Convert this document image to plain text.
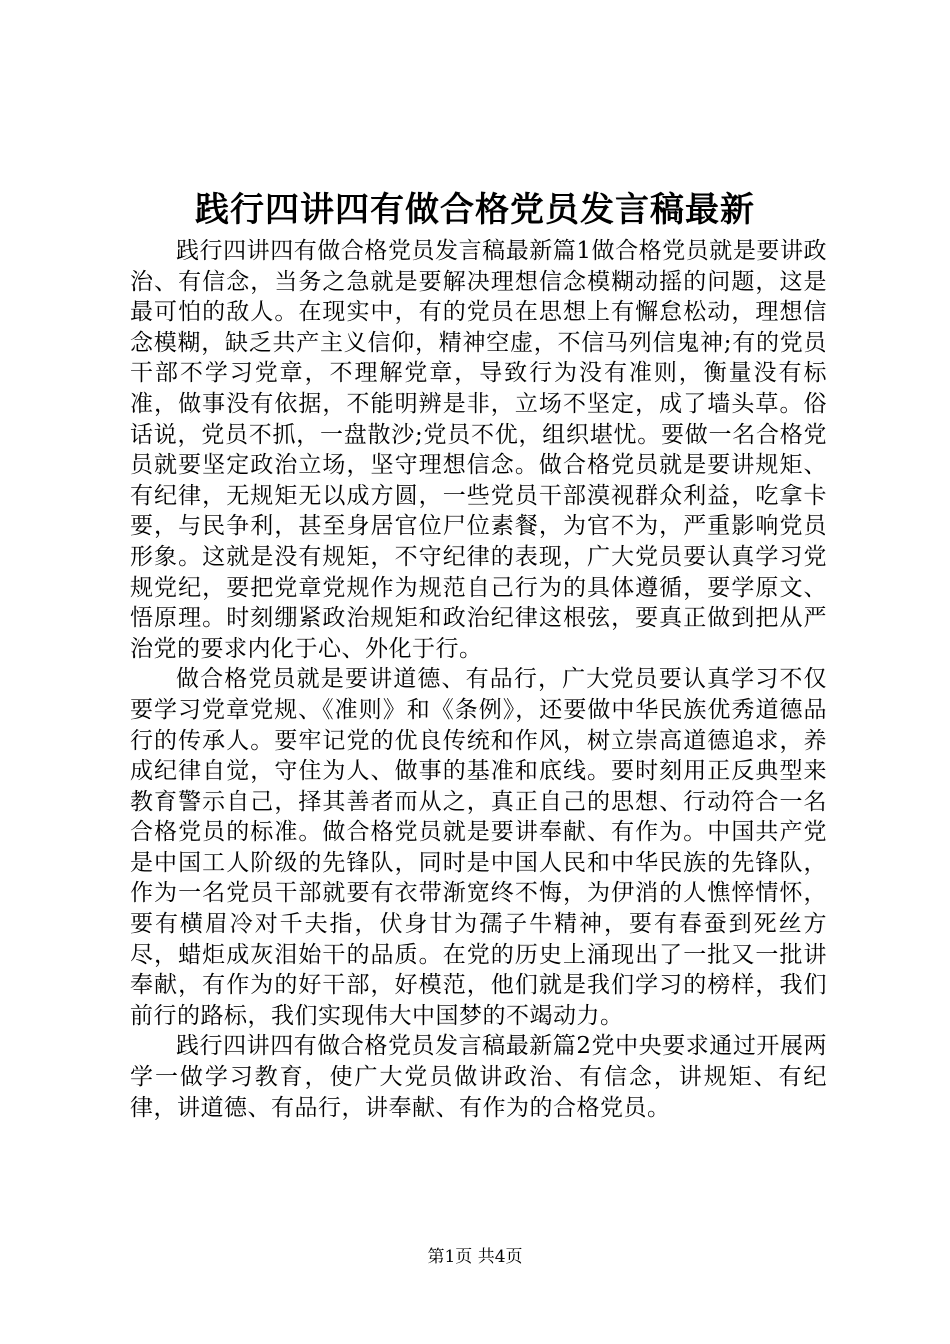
践行四讲四有做合格党员发言稿最新

践行四讲四有做合格党员发言稿最新篇1做合格党员就是要讲政治、有信念，当务之急就是要解决理想信念模糊动摇的问题，这是最可怕的敌人。在现实中，有的党员在思想上有懈怠松动，理想信念模糊，缺乏共产主义信仰，精神空虚，不信马列信鬼神;有的党员干部不学习党章，不理解党章，导致行为没有准则，衡量没有标准，做事没有依据，不能明辨是非，立场不坚定，成了墙头草。俗话说，党员不抓，一盘散沙;党员不优，组织堪忧。要做一名合格党员就要坚定政治立场，坚守理想信念。做合格党员就是要讲规矩、有纪律，无规矩无以成方圆，一些党员干部漠视群众利益，吃拿卡要，与民争利，甚至身居官位尸位素餐，为官不为，严重影响党员形象。这就是没有规矩，不守纪律的表现，广大党员要认真学习党规党纪，要把党章党规作为规范自己行为的具体遵循，要学原文、悟原理。时刻绷紧政治规矩和政治纪律这根弦，要真正做到把从严治党的要求内化于心、外化于行。

做合格党员就是要讲道德、有品行，广大党员要认真学习不仅要学习党章党规、《准则》和《条例》，还要做中华民族优秀道德品行的传承人。要牢记党的优良传统和作风，树立崇高道德追求，养成纪律自觉，守住为人、做事的基准和底线。要时刻用正反典型来教育警示自己，择其善者而从之，真正自己的思想、行动符合一名合格党员的标准。做合格党员就是要讲奉献、有作为。中国共产党是中国工人阶级的先锋队，同时是中国人民和中华民族的先锋队，作为一名党员干部就要有衣带渐宽终不悔，为伊消的人憔悴情怀，要有横眉冷对千夫指，伏身甘为孺子牛精神，要有春蚕到死丝方尽，蜡炬成灰泪始干的品质。在党的历史上涌现出了一批又一批讲奉献，有作为的好干部，好模范，他们就是我们学习的榜样，我们前行的路标，我们实现伟大中国梦的不竭动力。

践行四讲四有做合格党员发言稿最新篇2党中央要求通过开展两学一做学习教育，使广大党员做讲政治、有信念，讲规矩、有纪律，讲道德、有品行，讲奉献、有作为的合格党员。

第1页 共4页
